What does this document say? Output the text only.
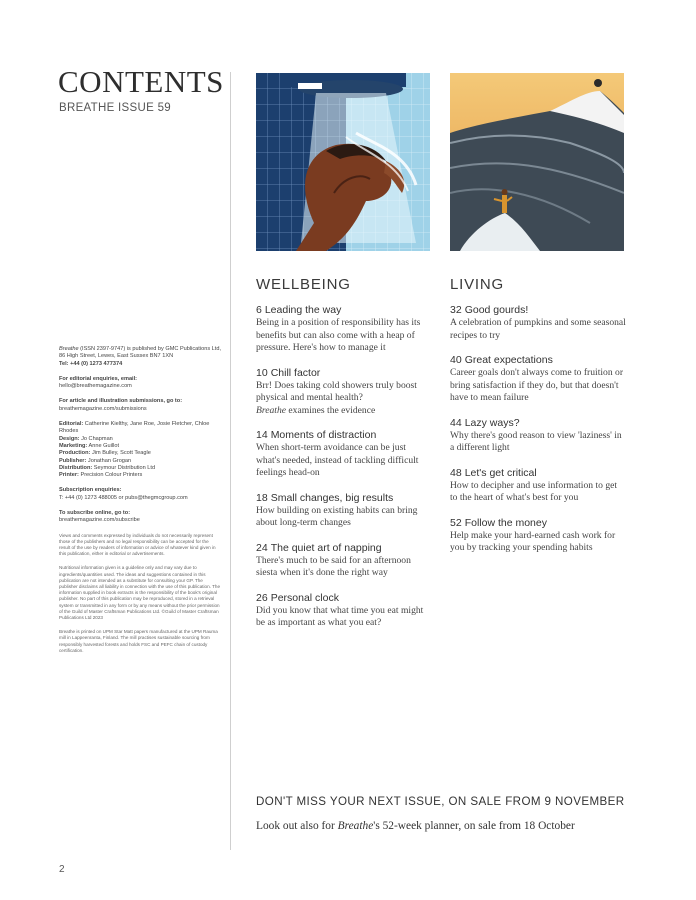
CONTENTS
BREATHE ISSUE 59

Breathe (ISSN 2397-9747) is published by GMC Publications Ltd, 86 High Street, Lewes, East Sussex BN7 1XN
Tel: +44 (0) 1273 477374

For editorial enquiries, email:
hello@breathemagazine.com

For article and illustration submissions, go to:
breathemagazine.com/submissions

Editorial: Catherine Kielthy, Jane Roe, Josie Fletcher, Chloe Rhodes
Design: Jo Chapman
Marketing: Anne Guillot
Production: Jim Bulley, Scott Teagle
Publisher: Jonathan Grogan
Distribution: Seymour Distribution Ltd
Printer: Precision Colour Printers

Subscription enquiries:
T: +44 (0) 1273 488005 or pubs@thegmcgroup.com

To subscribe online, go to:
breathemagazine.com/subscribe

Views and comments expressed by individuals do not necessarily represent those of the publishers and no legal responsibility can be accepted for the result of the use by readers of information or advice of whatever kind given in this publication, either in editorial or advertisements.

Nutritional information given is a guideline only and may vary due to ingredients/quantities used. The ideas and suggestions contained in this publication are not intended as a substitute for consulting your GP. The publisher disclaims all liability in connection with the use of this publication. The information supplied in book extracts is the responsibility of the book's original publisher. No part of this publication may be reproduced, stored in a retrieval system or transmitted in any form or by any means without the prior permission of the Guild of Master Craftsman Publications Ltd. ©Guild of Master Craftsman Publications Ltd 2023

Breathe is printed on UPM Star Matt papers manufactured at the UPM Rauma mill in Lappeenranta, Finland. The mill practises sustainable sourcing from responsibly harvested forests and holds FSC and PEFC chain of custody certification.

2
WELLBEING
6 Leading the way
Being in a position of responsibility has its benefits but can also come with a heap of pressure. Here's how to manage it
10 Chill factor
Brr! Does taking cold showers truly boost physical and mental health?
Breathe examines the evidence
14 Moments of distraction
When short-term avoidance can be just what's needed, instead of tackling difficult feelings head-on
18 Small changes, big results
How building on existing habits can bring about long-term changes
24 The quiet art of napping
There's much to be said for an afternoon siesta when it's done the right way
26 Personal clock
Did you know that what time you eat might be as important as what you eat?
LIVING
32 Good gourds!
A celebration of pumpkins and some seasonal recipes to try
40 Great expectations
Career goals don't always come to fruition or bring satisfaction if they do, but that doesn't have to mean failure
44 Lazy ways?
Why there's good reason to view 'laziness' in a different light
48 Let's get critical
How to decipher and use information to get to the heart of what's best for you
52 Follow the money
Help make your hard-earned cash work for you by tracking your spending habits
DON'T MISS YOUR NEXT ISSUE, ON SALE FROM 9 NOVEMBER
Look out also for Breathe's 52-week planner, on sale from 18 October
